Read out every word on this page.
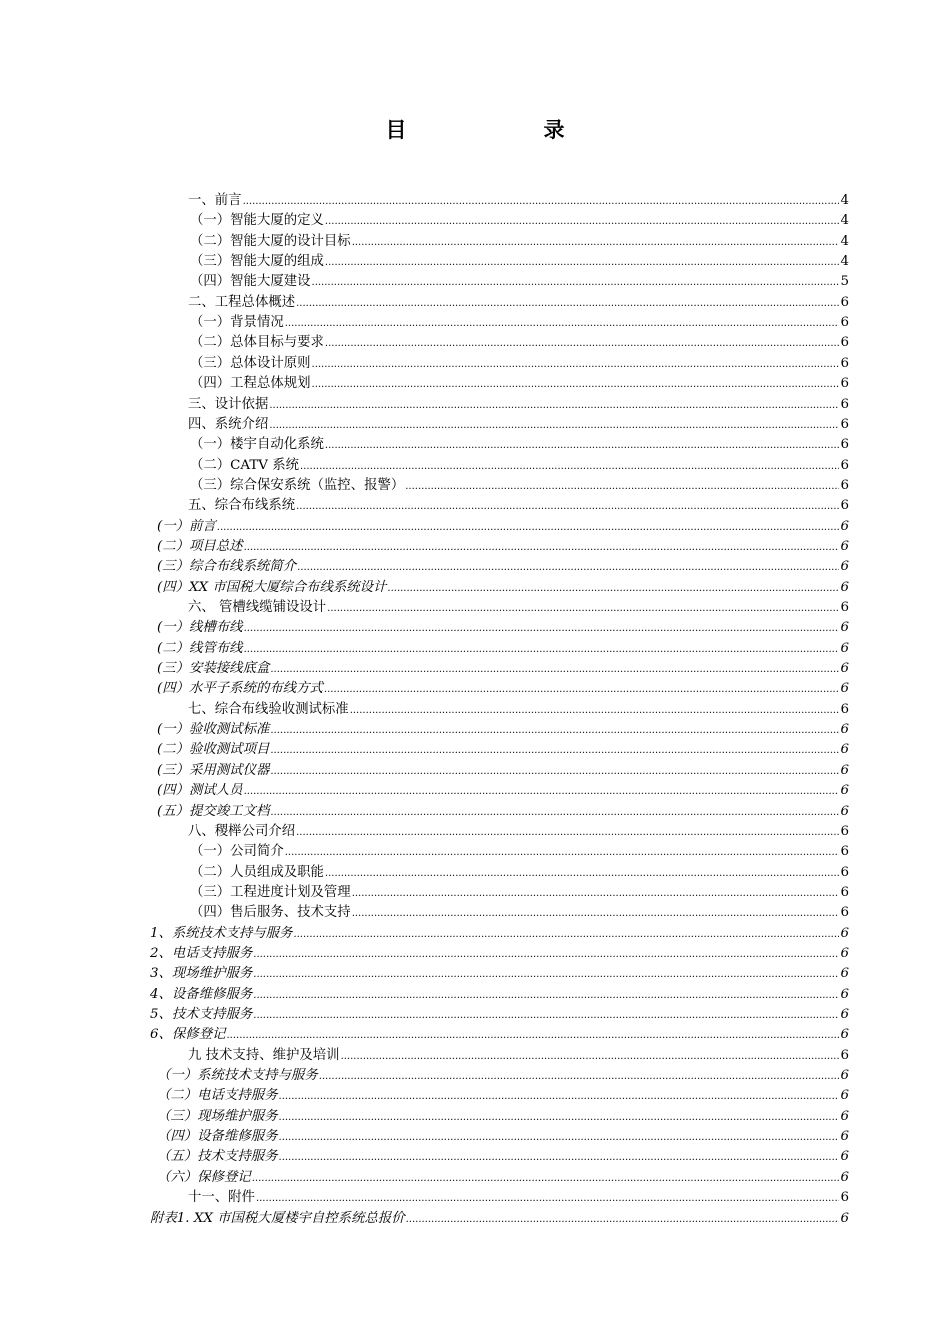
目　录
一、前言 .....	4
（一）智能大厦的定义 .....	4
（二）智能大厦的设计目标 .....	4
（三）智能大厦的组成 .....	4
（四）智能大厦建设 .....	5
二、工程总体概述 .....	6
（一）背景情况 .....	6
（二）总体目标与要求 .....	6
（三）总体设计原则 .....	6
（四）工程总体规划 .....	6
三、设计依据 .....	6
四、系统介绍 .....	6
（一）楼宇自动化系统 .....	6
（二）CATV 系统 .....	6
（三）综合保安系统（监控、报警） .....	6
五、综合布线系统 .....	6
(一）前言 .....	6
(二）项目总述 .....	6
(三）综合布线系统简介 .....	6
(四）XX 市国税大厦综合布线系统设计 .....	6
六、 管槽线缆铺设设计 .....	6
(一）线槽布线 .....	6
(二）线管布线 .....	6
(三）安装接线底盒 .....	6
(四）水平子系统的布线方式 .....	6
七、综合布线验收测试标准 .....	6
(一）验收测试标准 .....	6
(二）验收测试项目 .....	6
(三）采用测试仪器 .....	6
(四）测试人员 .....	6
(五）提交竣工文档 .....	6
八、稷榉公司介绍 .....	6
（一）公司简介 .....	6
（二）人员组成及职能 .....	6
（三）工程进度计划及管理 .....	6
（四）售后服务、技术支持 .....	6
1、系统技术支持与服务 .....	6
2、电话支持服务 .....	6
3、现场维护服务 .....	6
4、设备维修服务 .....	6
5、技术支持服务 .....	6
6、保修登记 .....	6
九 技术支持、维护及培训 .....	6
（一）系统技术支持与服务 .....	6
（二）电话支持服务 .....	6
（三）现场维护服务 .....	6
（四）设备维修服务 .....	6
（五）技术支持服务 .....	6
（六）保修登记 .....	6
十一、附件 .....	6
附表1. XX 市国税大厦楼宇自控系统总报价 .....	6
